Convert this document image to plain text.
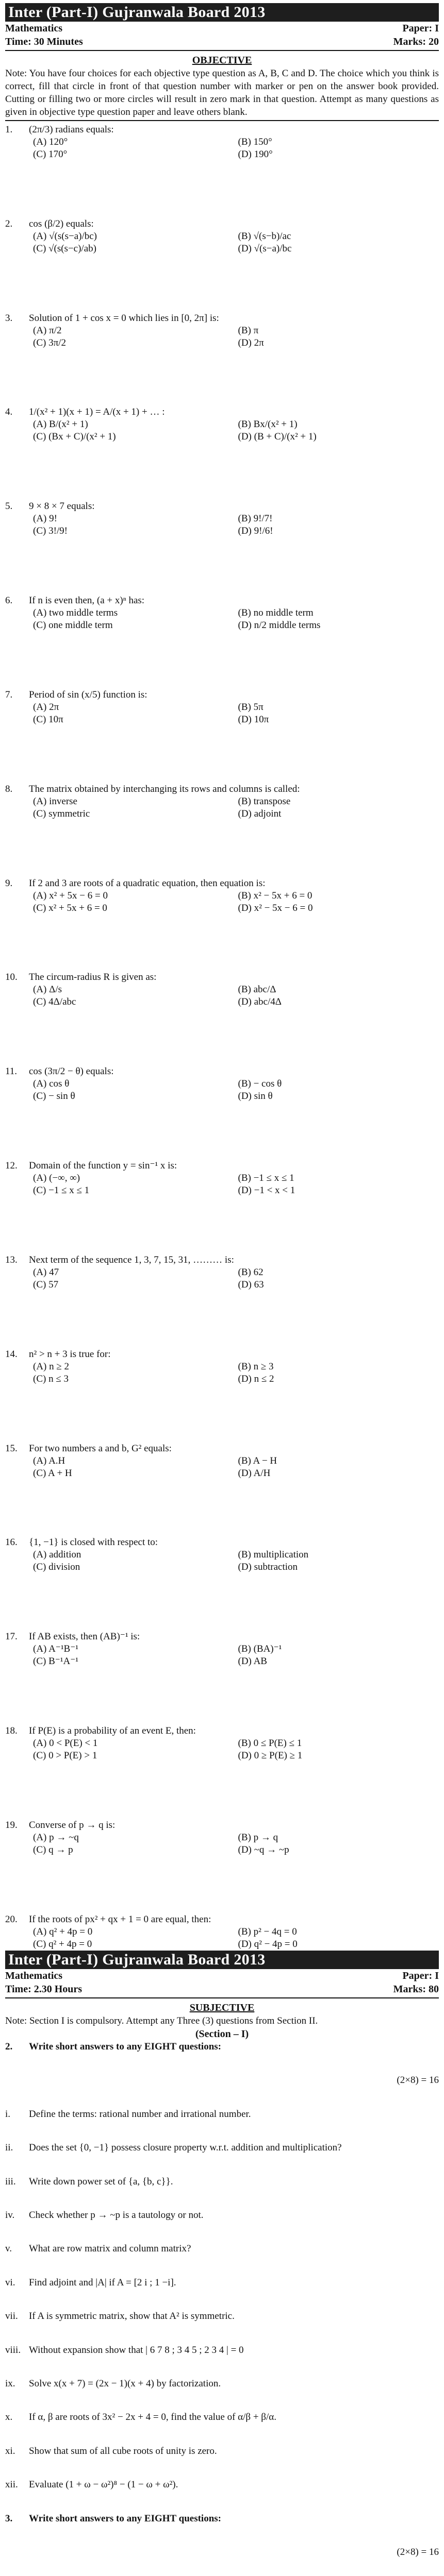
Inter (Part-I) Gujranwala Board 2013
Mathematics
Time: 30 Minutes
Paper: I
Marks: 20
OBJECTIVE
Note: You have four choices for each objective type question as A, B, C and D. The choice which you think is correct, fill that circle in front of that question number with marker or pen on the answer book provided. Cutting or filling two or more circles will result in zero mark in that question. Attempt as many questions as given in objective type question paper and leave others blank.
1.	(2π/3) radians equals:
(A) 120°	(B) 150°
(C) 170°	(D) 190°
2.	cos (β/2) equals:
(A) √(s(s−a)/bc)	(B) √(s−b)/ac
(C) √(s(s−c)/ab)	(D) √(s−a)/bc
3.	Solution of 1 + cos x = 0 which lies in [0, 2π] is:
(A) π/2	(B) π
(C) 3π/2	(D) 2π
4.	1/(x² + 1)(x + 1) = A/(x + 1) + … :
(A) B/(x² + 1)	(B) Bx/(x² + 1)
(C) (Bx + C)/(x² + 1)	(D) (B + C)/(x² + 1)
5.	9 × 8 × 7 equals:
(A) 9!	(B) 9!/7!
(C) 3!/9!	(D) 9!/6!
6.	If n is even then, (a + x)ⁿ has:
(A) two middle terms	(B) no middle term
(C) one middle term	(D) n/2 middle terms
7.	Period of sin (x/5) function is:
(A) 2π	(B) 5π
(C) 10π	(D) 10π
8.	The matrix obtained by interchanging its rows and columns is called:
(A) inverse	(B) transpose
(C) symmetric	(D) adjoint
9.	If 2 and 3 are roots of a quadratic equation, then equation is:
(A) x² + 5x − 6 = 0	(B) x² − 5x + 6 = 0
(C) x² + 5x + 6 = 0	(D) x² − 5x − 6 = 0
10.	The circum-radius R is given as:
(A) Δ/s	(B) abc/Δ
(C) 4Δ/abc	(D) abc/4Δ
11.	cos (3π/2 − θ) equals:
(A) cos θ	(B) − cos θ
(C) − sin θ	(D) sin θ
12.	Domain of the function y = sin⁻¹ x is:
(A) (−∞, ∞)	(B) −1 ≤ x ≤ 1
(C) −1 ≤ x ≤ 1	(D) −1 < x < 1
13.	Next term of the sequence 1, 3, 7, 15, 31, ……… is:
(A) 47	(B) 62
(C) 57	(D) 63
14.	n² > n + 3 is true for:
(A) n ≥ 2	(B) n ≥ 3
(C) n ≤ 3	(D) n ≤ 2
15.	For two numbers a and b, G² equals:
(A) A.H	(B) A − H
(C) A + H	(D) A/H
16.	{1, −1} is closed with respect to:
(A) addition	(B) multiplication
(C) division	(D) subtraction
17.	If AB exists, then (AB)⁻¹ is:
(A) A⁻¹B⁻¹	(B) (BA)⁻¹
(C) B⁻¹A⁻¹	(D) AB
18.	If P(E) is a probability of an event E, then:
(A) 0 < P(E) < 1	(B) 0 ≤ P(E) ≤ 1
(C) 0 > P(E) > 1	(D) 0 ≥ P(E) ≥ 1
19.	Converse of p → q is:
(A) p → ~q	(B) p → q
(C) q → p	(D) ~q → ~p
20.	If the roots of px² + qx + 1 = 0 are equal, then:
(A) q² + 4p = 0	(B) p² − 4q = 0
(C) q² + 4p = 0	(D) q² − 4p = 0
Inter (Part-I) Gujranwala Board 2013
Mathematics
Time: 2.30 Hours
Paper: I
Marks: 80
SUBJECTIVE
Note: Section I is compulsory. Attempt any Three (3) questions from Section II.
(Section – I)
2.	Write short answers to any EIGHT questions:
(2×8) = 16
i.	Define the terms: rational number and irrational number.
ii.	Does the set {0, −1} possess closure property w.r.t. addition and multiplication?
iii.	Write down power set of {a, {b, c}}.
iv.	Check whether p → ~p is a tautology or not.
v.	What are row matrix and column matrix?
vi.	Find adjoint and |A| if A = [2 i ; 1 −i].
vii.	If A is symmetric matrix, show that A² is symmetric.
viii. Without expansion show that | 6 7 8 ; 3 4 5 ; 2 3 4 | = 0
ix.	Solve x(x + 7) = (2x − 1)(x + 4) by factorization.
x.	If α, β are roots of 3x² − 2x + 4 = 0, find the value of α/β + β/α.
xi.	Show that sum of all cube roots of unity is zero.
xii.	Evaluate (1 + ω − ω²)⁸ − (1 − ω + ω²).
3.	Write short answers to any EIGHT questions:
(2×8) = 16
